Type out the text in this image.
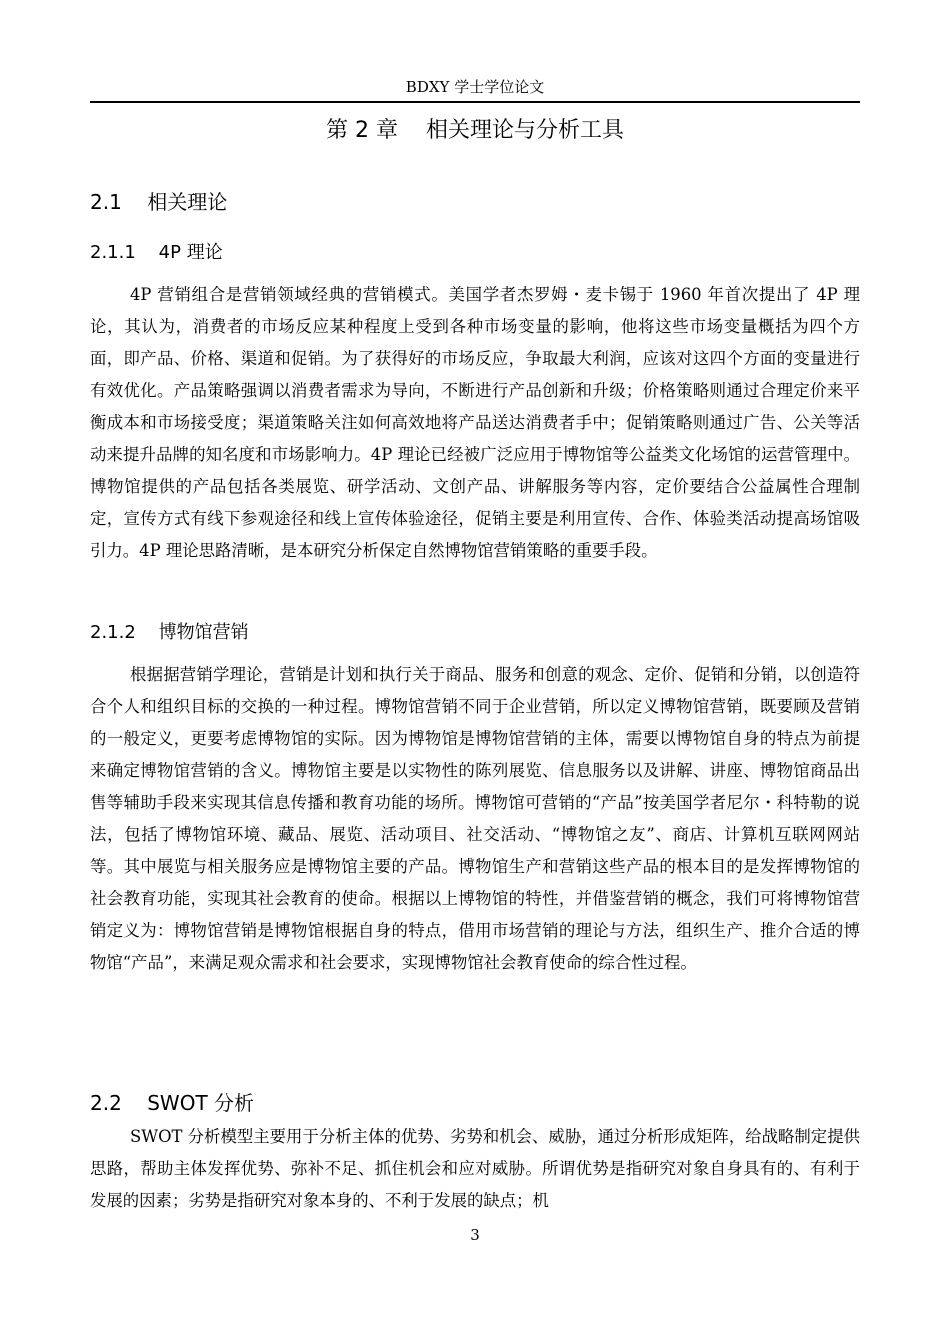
BDXY 学士学位论文
第 2 章    相关理论与分析工具
2.1    相关理论
2.1.1    4P 理论

4P 营销组合是营销领域经典的营销模式。美国学者杰罗姆・麦卡锡于 1960 年首次提出了 4P 理论，其认为，消费者的市场反应某种程度上受到各种市场变量的影响，他将这些市场变量概括为四个方面，即产品、价格、渠道和促销。为了获得好的市场反应，争取最大利润，应该对这四个方面的变量进行有效优化。产品策略强调以消费者需求为导向，不断进行产品创新和升级；价格策略则通过合理定价来平衡成本和市场接受度；渠道策略关注如何高效地将产品送达消费者手中；促销策略则通过广告、公关等活动来提升品牌的知名度和市场影响力。4P 理论已经被广泛应用于博物馆等公益类文化场馆的运营管理中。博物馆提供的产品包括各类展览、研学活动、文创产品、讲解服务等内容，定价要结合公益属性合理制定，宣传方式有线下参观途径和线上宣传体验途径，促销主要是利用宣传、合作、体验类活动提高场馆吸引力。4P 理论思路清晰，是本研究分析保定自然博物馆营销策略的重要手段。

2.1.2    博物馆营销

根据据营销学理论，营销是计划和执行关于商品、服务和创意的观念、定价、促销和分销，以创造符合个人和组织目标的交换的一种过程。博物馆营销不同于企业营销，所以定义博物馆营销，既要顾及营销的一般定义，更要考虑博物馆的实际。因为博物馆是博物馆营销的主体，需要以博物馆自身的特点为前提来确定博物馆营销的含义。博物馆主要是以实物性的陈列展览、信息服务以及讲解、讲座、博物馆商品出售等辅助手段来实现其信息传播和教育功能的场所。博物馆可营销的“产品”按美国学者尼尔・科特勒的说法，包括了博物馆环境、藏品、展览、活动项目、社交活动、“博物馆之友”、商店、计算机互联网网站等。其中展览与相关服务应是博物馆主要的产品。博物馆生产和营销这些产品的根本目的是发挥博物馆的社会教育功能，实现其社会教育的使命。根据以上博物馆的特性，并借鉴营销的概念，我们可将博物馆营销定义为：博物馆营销是博物馆根据自身的特点，借用市场营销的理论与方法，组织生产、推介合适的博物馆“产品”，来满足观众需求和社会要求，实现博物馆社会教育使命的综合性过程。

2.2    SWOT 分析

SWOT 分析模型主要用于分析主体的优势、劣势和机会、威胁，通过分析形成矩阵，给战略制定提供思路，帮助主体发挥优势、弥补不足、抓住机会和应对威胁。所谓优势是指研究对象自身具有的、有利于发展的因素；劣势是指研究对象本身的、不利于发展的缺点；机

3
